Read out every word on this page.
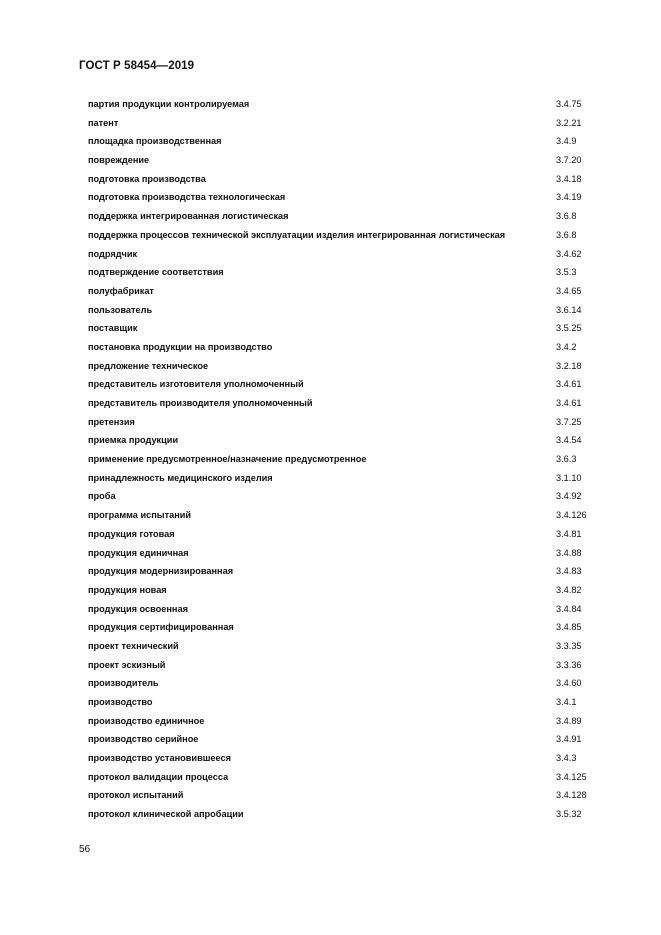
ГОСТ Р 58454—2019
партия продукции контролируемая	3.4.75
патент	3.2.21
площадка производственная	3.4.9
повреждение	3.7.20
подготовка производства	3.4.18
подготовка производства технологическая	3.4.19
поддержка интегрированная логистическая	3.6.8
поддержка процессов технической эксплуатации изделия интегрированная логистическая	3.6.8
подрядчик	3.4.62
подтверждение соответствия	3.5.3
полуфабрикат	3.4.65
пользователь	3.6.14
поставщик	3.5.25
постановка продукции на производство	3.4.2
предложение техническое	3.2.18
представитель изготовителя уполномоченный	3.4.61
представитель производителя уполномоченный	3.4.61
претензия	3.7.25
приемка продукции	3.4.54
применение предусмотренное/назначение предусмотренное	3.6.3
принадлежность медицинского изделия	3.1.10
проба	3.4.92
программа испытаний	3.4.126
продукция готовая	3.4.81
продукция единичная	3.4.88
продукция модернизированная	3.4.83
продукция новая	3.4.82
продукция освоенная	3.4.84
продукция сертифицированная	3.4.85
проект технический	3.3.35
проект эскизный	3.3.36
производитель	3.4.60
производство	3.4.1
производство единичное	3.4.89
производство серийное	3.4.91
производство установившееся	3.4.3
протокол валидации процесса	3.4.125
протокол испытаний	3.4.128
протокол клинической апробации	3.5.32
56
